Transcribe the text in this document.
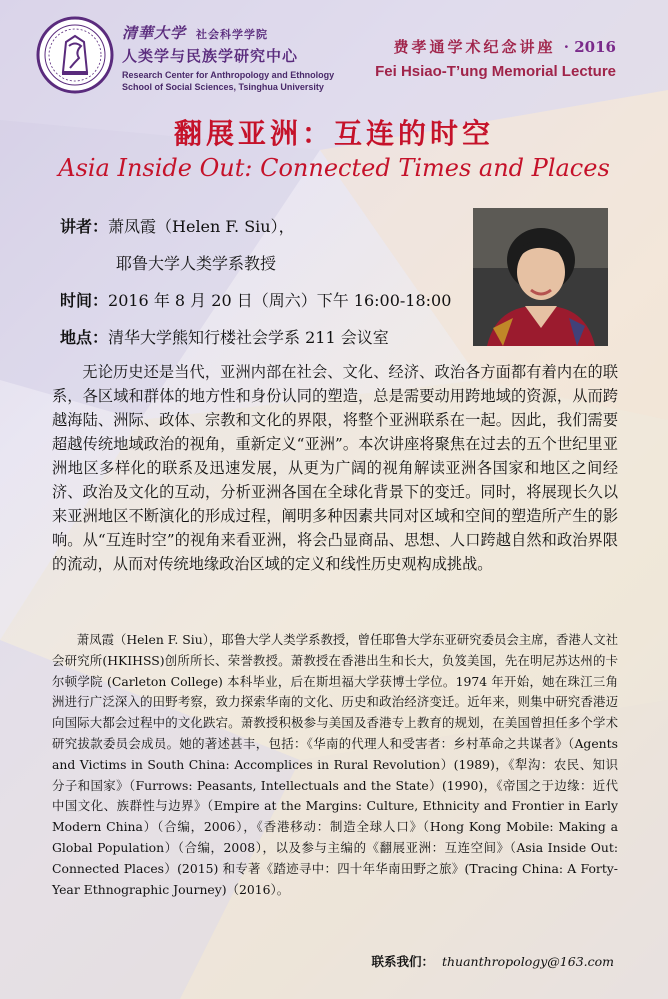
清華大学 社会科学学院
人类学与民族学研究中心
Research Center for Anthropology and Ethnology
School of Social Sciences, Tsinghua University
费孝通学术纪念讲座 · 2016
Fei Hsiao-T’ung Memorial Lecture
翻展亚洲：互连的时空
Asia Inside Out: Connected Times and Places
讲者：萧凤霞（Helen F. Siu），
耶鲁大学人类学系教授
时间：2016 年 8 月 20 日（周六）下午 16:00-18:00
地点：清华大学熊知行楼社会学系 211 会议室

无论历史还是当代，亚洲内部在社会、文化、经济、政治各方面都有着内在的联系，各区域和群体的地方性和身份认同的塑造，总是需要动用跨地域的资源，从而跨越海陆、洲际、政体、宗教和文化的界限，将整个亚洲联系在一起。因此，我们需要超越传统地域政治的视角，重新定义“亚洲”。本次讲座将聚焦在过去的五个世纪里亚洲地区多样化的联系及迅速发展，从更为广阔的视角解读亚洲各国家和地区之间经济、政治及文化的互动，分析亚洲各国在全球化背景下的变迁。同时，将展现长久以来亚洲地区不断演化的形成过程，阐明多种因素共同对区域和空间的塑造所产生的影响。从“互连时空”的视角来看亚洲，将会凸显商品、思想、人口跨越自然和政治界限的流动，从而对传统地缘政治区域的定义和线性历史观构成挑战。

萧凤霞（Helen F. Siu），耶鲁大学人类学系教授，曾任耶鲁大学东亚研究委员会主席，香港人文社会研究所(HKIHSS)创所所长、荣誉教授。萧教授在香港出生和长大，负笈美国，先在明尼苏达州的卡尔顿学院 (Carleton College) 本科毕业，后在斯坦福大学获博士学位。1974 年开始，她在珠江三角洲进行广泛深入的田野考察，致力探索华南的文化、历史和政治经济变迁。近年来，则集中研究香港迈向国际大都会过程中的文化跌宕。萧教授积极参与美国及香港专上教育的规划，在美国曾担任多个学术研究拔款委员会成员。她的著述甚丰，包括：《华南的代理人和受害者：乡村革命之共谋者》（Agents and Victims in South China: Accomplices in Rural Revolution）(1989)，《犁沟：农民、知识分子和国家》（Furrows: Peasants, Intellectuals and the State）(1990)，《帝国之于边缘：近代中国文化、族群性与边界》（Empire at the Margins: Culture, Ethnicity and Frontier in Early Modern China）（合编，2006），《香港移动：制造全球人口》（Hong Kong Mobile: Making a Global Population）（合编，2008），以及参与主编的《翻展亚洲：互连空间》（Asia Inside Out: Connected Places）(2015) 和专著《踏迹寻中：四十年华南田野之旅》(Tracing China: A Forty-Year Ethnographic Journey)（2016）。

联系我们： thuanthropology@163.com
